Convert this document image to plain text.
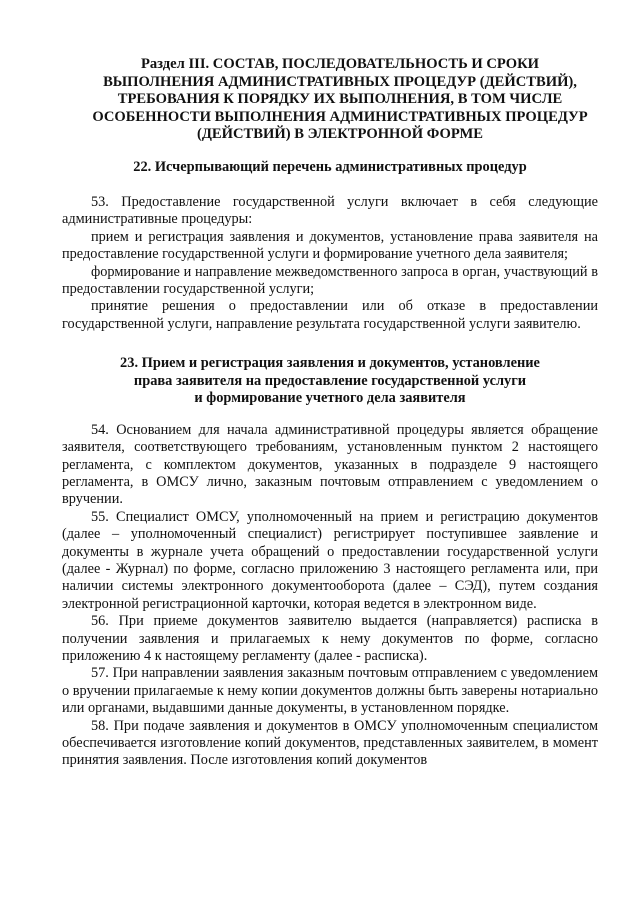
Раздел III. СОСТАВ, ПОСЛЕДОВАТЕЛЬНОСТЬ И СРОКИ
ВЫПОЛНЕНИЯ АДМИНИСТРАТИВНЫХ ПРОЦЕДУР (ДЕЙСТВИЙ),
ТРЕБОВАНИЯ К ПОРЯДКУ ИХ ВЫПОЛНЕНИЯ, В ТОМ ЧИСЛЕ
ОСОБЕННОСТИ ВЫПОЛНЕНИЯ АДМИНИСТРАТИВНЫХ ПРОЦЕДУР
(ДЕЙСТВИЙ) В ЭЛЕКТРОННОЙ ФОРМЕ
22. Исчерпывающий перечень административных процедур

53. Предоставление государственной услуги включает в себя следующие административные процедуры:

прием и регистрация заявления и документов, установление права заявителя на предоставление государственной услуги и формирование учетного дела заявителя;

формирование и направление межведомственного запроса в орган, участвующий в предоставлении государственной услуги;

принятие решения о предоставлении или об отказе в предоставлении государственной услуги, направление результата государственной услуги заявителю.

23. Прием и регистрация заявления и документов, установление
права заявителя на предоставление государственной услуги
и формирование учетного дела заявителя

54. Основанием для начала административной процедуры является обращение заявителя, соответствующего требованиям, установленным пунктом 2 настоящего регламента, с комплектом документов, указанных в подразделе 9 настоящего регламента, в ОМСУ лично, заказным почтовым отправлением с уведомлением о вручении.

55. Специалист ОМСУ, уполномоченный на прием и регистрацию документов (далее – уполномоченный специалист) регистрирует поступившее заявление и документы в журнале учета обращений о предоставлении государственной услуги (далее - Журнал) по форме, согласно приложению 3 настоящего регламента или, при наличии системы электронного документооборота (далее – СЭД), путем создания электронной регистрационной карточки, которая ведется в электронном виде.

56. При приеме документов заявителю выдается (направляется) расписка в получении заявления и прилагаемых к нему документов по форме, согласно приложению 4 к настоящему регламенту (далее - расписка).

57. При направлении заявления заказным почтовым отправлением с уведомлением о вручении прилагаемые к нему копии документов должны быть заверены нотариально или органами, выдавшими данные документы, в установленном порядке.

58. При подаче заявления и документов в ОМСУ уполномоченным специалистом обеспечивается изготовление копий документов, представленных заявителем, в момент принятия заявления. После изготовления копий документов
